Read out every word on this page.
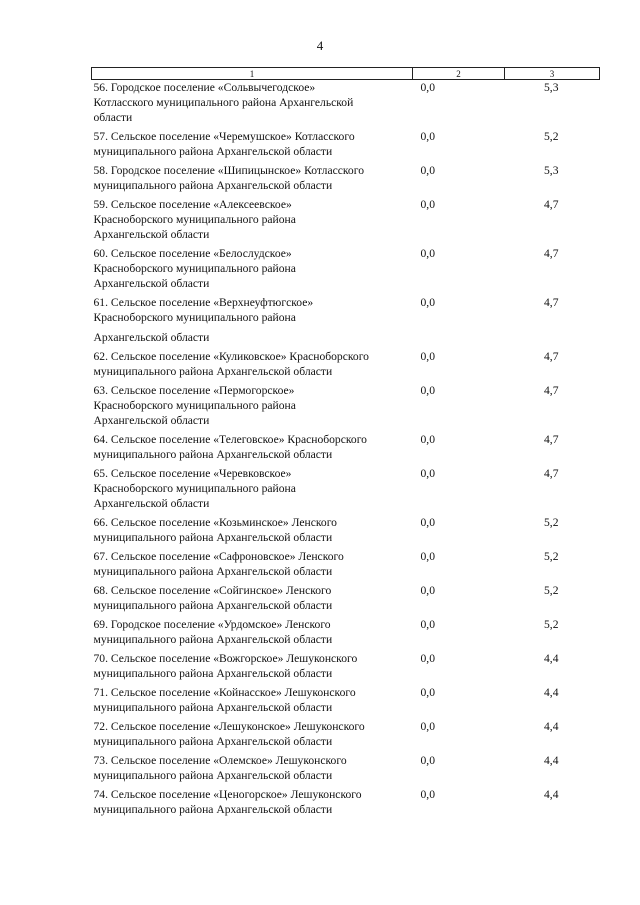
4
1	2	3

56. Городское поселение «Сольвычегодское»
Котласского муниципального района Архангельской
области	0,0	5,3

57. Сельское поселение «Черемушское» Котласского
муниципального района Архангельской области	0,0	5,2

58. Городское поселение «Шипицынское» Котласского
муниципального района Архангельской области	0,0	5,3

59. Сельское поселение «Алексеевское»
Красноборского муниципального района
Архангельской области	0,0	4,7

60. Сельское поселение «Белослудское»
Красноборского муниципального района
Архангельской области	0,0	4,7

61. Сельское поселение «Верхнеуфтюгское»
Красноборского муниципального района
Архангельской области	0,0	4,7

62. Сельское поселение «Куликовское» Красноборского
муниципального района Архангельской области	0,0	4,7

63. Сельское поселение «Пермогорское»
Красноборского муниципального района
Архангельской области	0,0	4,7

64. Сельское поселение «Телеговское» Красноборского
муниципального района Архангельской области	0,0	4,7

65. Сельское поселение «Черевковское»
Красноборского муниципального района
Архангельской области	0,0	4,7

66. Сельское поселение «Козьминское» Ленского
муниципального района Архангельской области	0,0	5,2

67. Сельское поселение «Сафроновское» Ленского
муниципального района Архангельской области	0,0	5,2

68. Сельское поселение «Сойгинское» Ленского
муниципального района Архангельской области	0,0	5,2

69. Городское поселение «Урдомское» Ленского
муниципального района Архангельской области	0,0	5,2

70. Сельское поселение «Вожгорское» Лешуконского
муниципального района Архангельской области	0,0	4,4

71. Сельское поселение «Койнасское» Лешуконского
муниципального района Архангельской области	0,0	4,4

72. Сельское поселение «Лешуконское» Лешуконского
муниципального района Архангельской области	0,0	4,4

73. Сельское поселение «Олемское» Лешуконского
муниципального района Архангельской области	0,0	4,4

74. Сельское поселение «Ценогорское» Лешуконского
муниципального района Архангельской области	0,0	4,4
